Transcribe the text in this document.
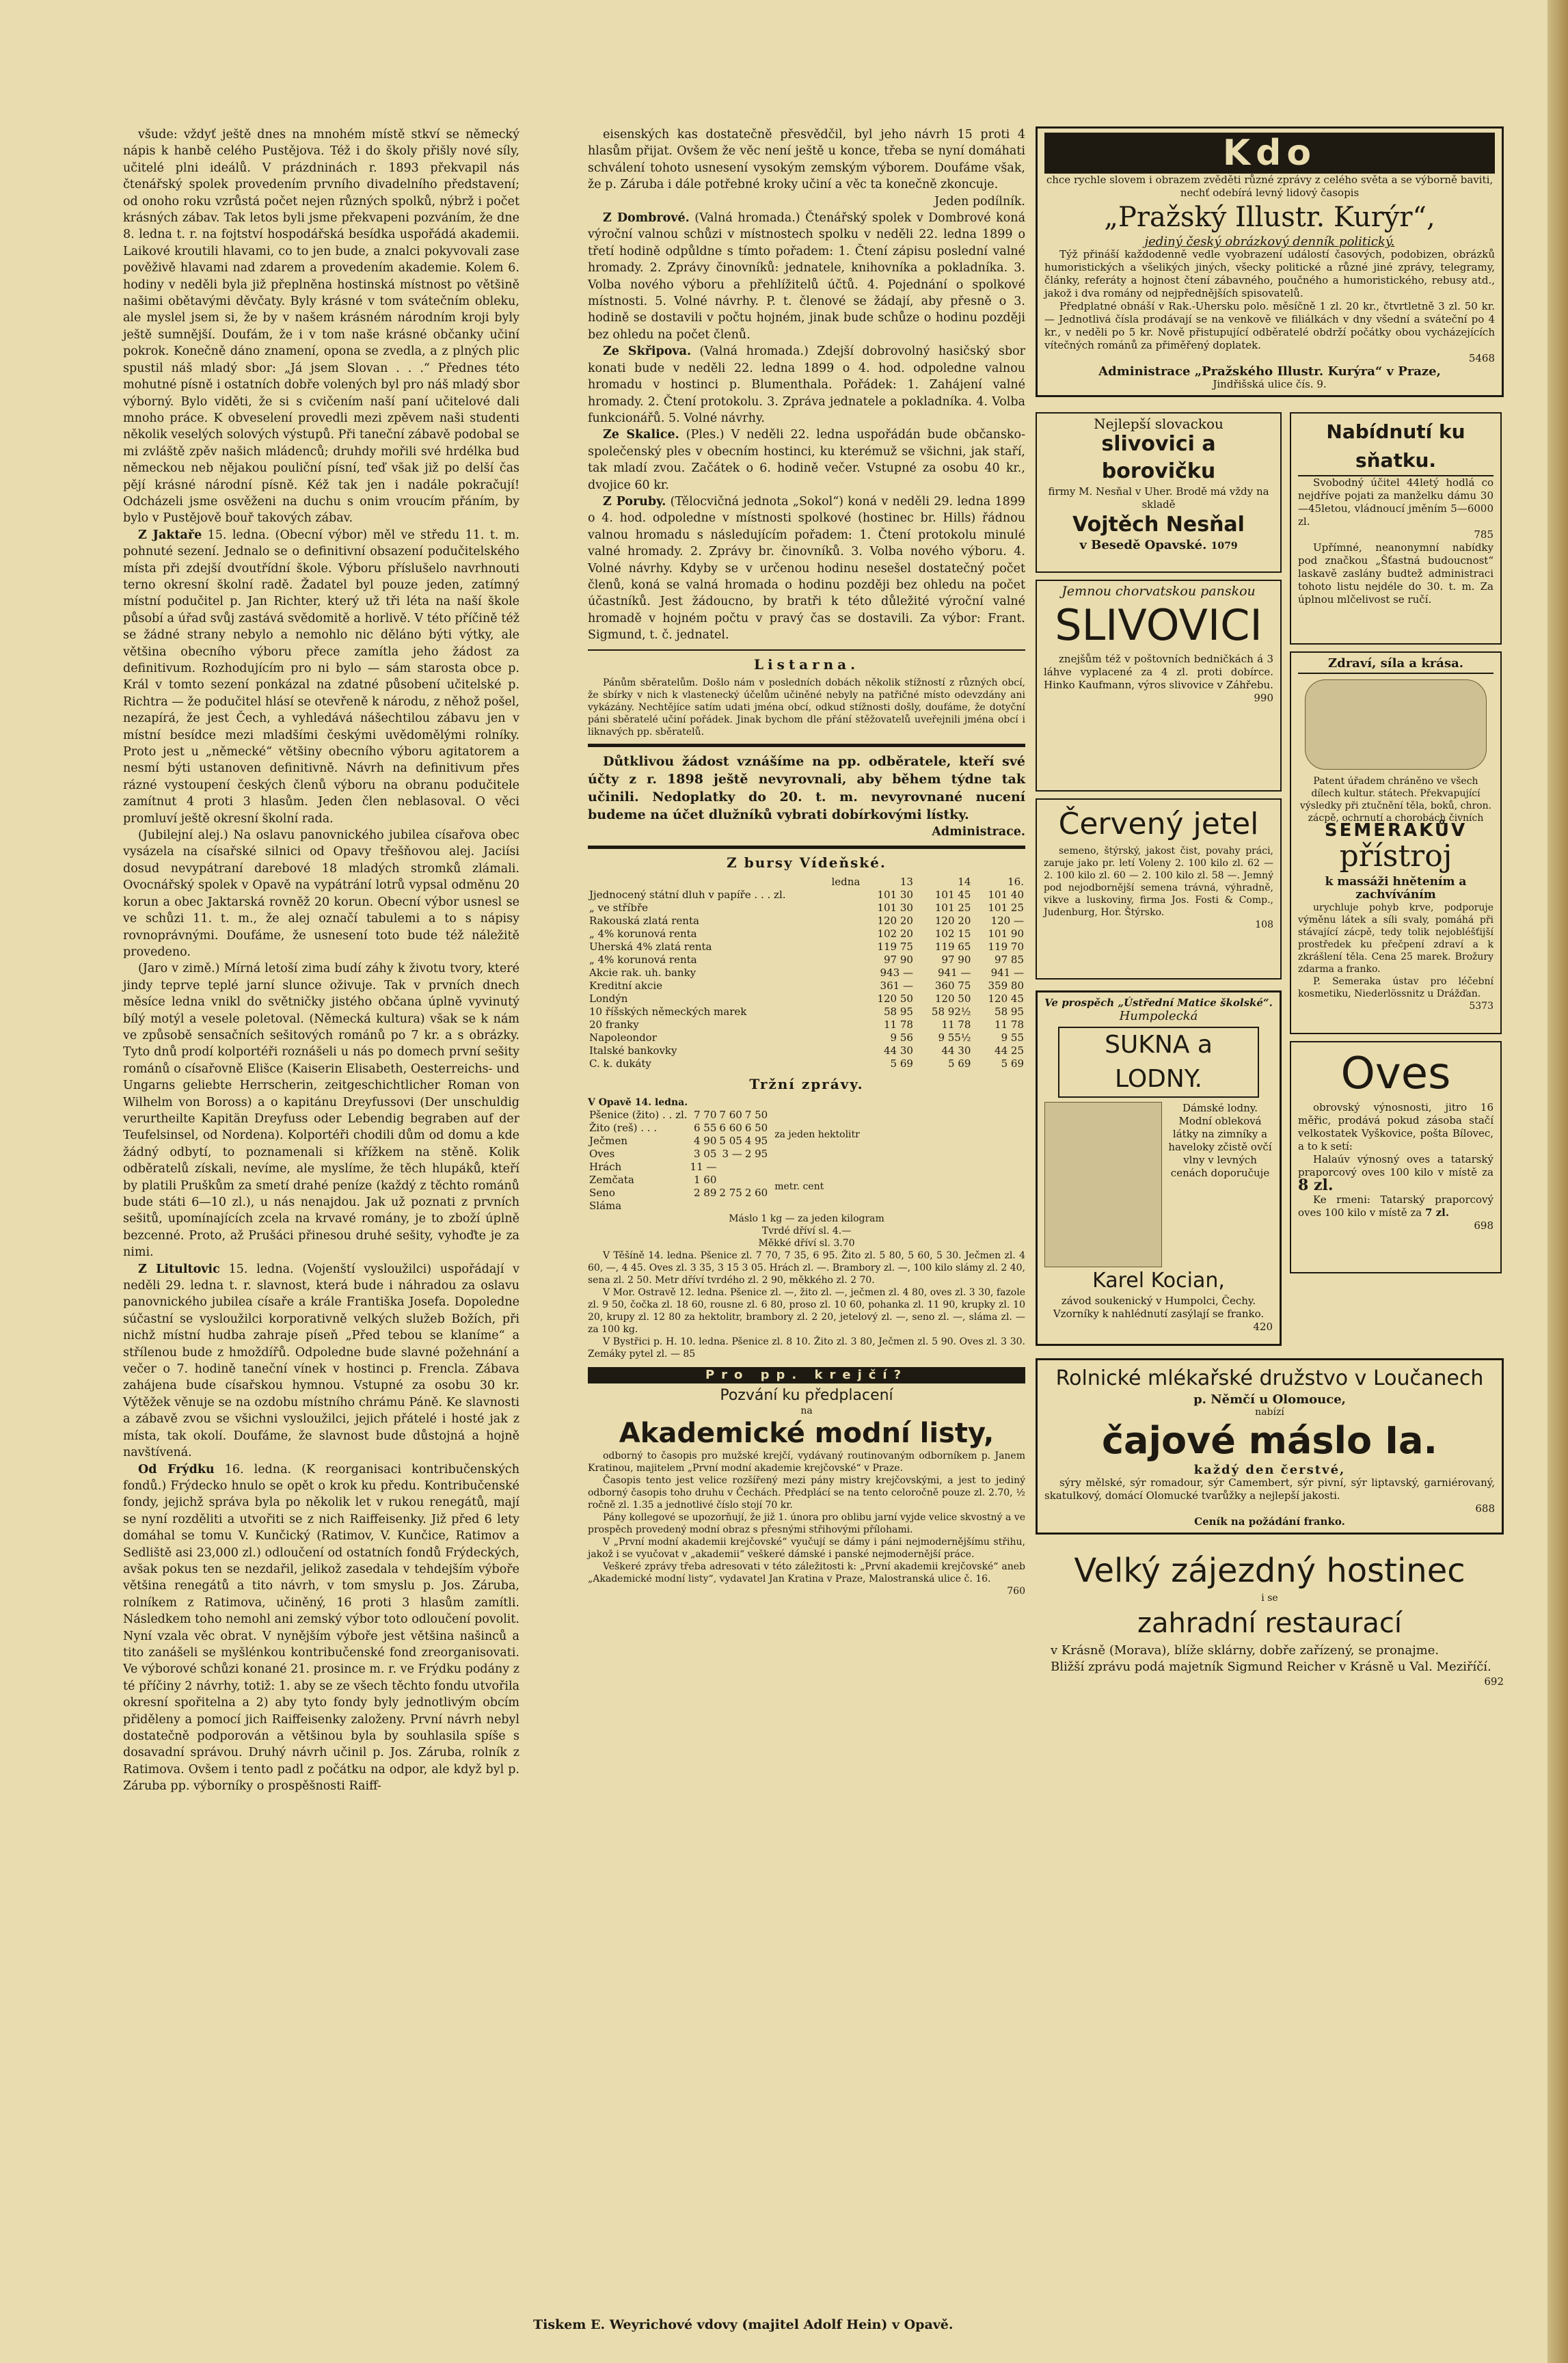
všude: vždyť ještě dnes na mnohém místě stkví se německý nápis k hanbě celého Pustějova. Též i do školy přišly nové síly, učitelé plni ideálů. V prázdninách r. 1893 překvapil nás čtenářský spolek provedením prvního divadelního představení; od onoho roku vzrůstá počet nejen různých spolků, nýbrž i počet krásných zábav. Tak letos byli jsme překvapeni pozváním, že dne 8. ledna t. r. na fojtství hospodářská besídka uspořádá akademii. Laikové kroutili hlavami, co to jen bude, a znalci pokyvovali zase pověživě hlavami nad zdarem a provedením akademie. Kolem 6. hodiny v neděli byla již přeplněna hostinská místnost po většině našimi obětavými děvčaty. Byly krásné v tom svátečním obleku, ale myslel jsem si, že by v našem krásném národním kroji byly ještě sumnější. Doufám, že i v tom naše krásné občanky učiní pokrok. Konečně dáno znamení, opona se zvedla, a z plných plic spustil náš mladý sbor: „Já jsem Slovan . . .“ Přednes této mohutné písně i ostatních dobře volených byl pro náš mladý sbor výborný. Bylo viděti, že si s cvičením naší paní učitelové dali mnoho práce. K obveselení provedli mezi zpěvem naši studenti několik veselých solových výstupů. Při taneční zábavě podobal se mi zvláště zpěv našich mládenců; druhdy mořili své hrdélka bud německou neb nějakou pouliční písní, teď však již po delší čas pějí krásné národní písně. Kéž tak jen i nadále pokračují! Odcházeli jsme osvěženi na duchu s onim vroucím přáním, by bylo v Pustějově bouř takových zábav.

Z Jaktaře 15. ledna. (Obecní výbor) měl ve středu 11. t. m. pohnuté sezení. Jednalo se o definitivní obsazení podučitelského místa při zdejší dvoutřídní škole. Výboru příslušelo navrhnouti terno okresní školní radě. Žadatel byl pouze jeden, zatímný místní podučitel p. Jan Richter, který už tři léta na naší škole působí a úřad svůj zastává svědomitě a horlivě. V této příčině též se žádné strany nebylo a nemohlo nic děláno býti výtky, ale většina obecního výboru přece zamítla jeho žádost za definitivum. Rozhodujícím pro ni bylo — sám starosta obce p. Král v tomto sezení ponkázal na zdatné působení učitelské p. Richtra — že podučitel hlásí se otevřeně k národu, z něhož pošel, nezapírá, že jest Čech, a vyhledává nášechtilou zábavu jen v místní besídce mezi mladšími českými uvědomělými rolníky. Proto jest u „německé“ většiny obecního výboru agitatorem a nesmí býti ustanoven definitivně. Návrh na definitivum přes rázné vystoupení českých členů výboru na obranu podučitele zamítnut 4 proti 3 hlasům. Jeden člen neblasoval. O věci promluví ještě okresní školní rada.

(Jubilejní alej.) Na oslavu panovnického jubilea císařova obec vysázela na císařské silnici od Opavy třešňovou alej. Jaciísi dosud nevypátraní darebové 18 mladých stromků zlámali. Ovocnářský spolek v Opavě na vypátrání lotrů vypsal odměnu 20 korun a obec Jaktarská rovněž 20 korun. Obecní výbor usnesl se ve schůzi 11. t. m., že alej označí tabulemi a to s nápisy rovnoprávnými. Doufáme, že usnesení toto bude též náležitě provedeno.

(Jaro v zimě.) Mírná letoší zima budí záhy k životu tvory, které jindy teprve teplé jarní slunce oživuje. Tak v prvních dnech měsíce ledna vnikl do světničky jistého občana úplně vyvinutý bílý motýl a vesele poletoval. (Německá kultura) však se k nám ve způsobě sensačních sešitových románů po 7 kr. a s obrázky. Tyto dnů prodí kolportéři roznášeli u nás po domech první sešity románů o císařovně Elišce (Kaiserin Elisabeth, Oesterreichs- und Ungarns geliebte Herrscherin, zeitgeschichtlicher Roman von Wilhelm von Boross) a o kapitánu Dreyfussovi (Der unschuldig verurtheilte Kapitän Dreyfuss oder Lebendig begraben auf der Teufelsinsel, od Nordena). Kolportéři chodili dům od domu a kde žádný odbytí, to poznamenali si křížkem na stěně. Kolik odběratelů získali, nevíme, ale myslíme, že těch hlupáků, kteří by platili Pruškům za smetí drahé peníze (každý z těchto románů bude státi 6—10 zl.), u nás nenajdou. Jak už poznati z prvních sešitů, upomínajících zcela na krvavé romány, je to zboží úplně bezcenné. Proto, až Prušáci přinesou druhé sešity, vyhoďte je za nimi.

Z Litultovic 15. ledna. (Vojenští vysloužilci) uspořádají v neděli 29. ledna t. r. slavnost, která bude i náhradou za oslavu panovnického jubilea císaře a krále Františka Josefa. Dopoledne súčastní se vysloužilci korporativně velkých služeb Božích, při nichž místní hudba zahraje píseň „Před tebou se klaníme“ a střílenou bude z hmoždířů. Odpoledne bude slavné požehnání a večer o 7. hodině taneční vínek v hostinci p. Frencla. Zábava zahájena bude císařskou hymnou. Vstupné za osobu 30 kr. Výtěžek věnuje se na ozdobu místního chrámu Páně. Ke slavnosti a zábavě zvou se všichni vysloužilci, jejich přátelé i hosté jak z místa, tak okolí. Doufáme, že slavnost bude důstojná a hojně navštívená.

Od Frýdku 16. ledna. (K reorganisaci kontribučenských fondů.) Frýdecko hnulo se opět o krok ku předu. Kontribučenské fondy, jejichž správa byla po několik let v rukou renegátů, mají se nyní rozděliti a utvořiti se z nich Raiffeisenky. Již před 6 lety domáhal se tomu V. Kunčický (Ratimov, V. Kunčice, Ratimov a Sedliště asi 23,000 zl.) odloučení od ostatních fondů Frýdeckých, avšak pokus ten se nezdařil, jelikož zasedala v tehdejším výboře většina renegátů a tito návrh, v tom smyslu p. Jos. Záruba, rolníkem z Ratimova, učiněný, 16 proti 3 hlasům zamítli. Následkem toho nemohl ani zemský výbor toto odloučení povolit. Nyní vzala věc obrat. V nynějším výboře jest většina našinců a tito zanášeli se myšlénkou kontribučenské fond zreorganisovati. Ve výborové schůzi konané 21. prosince m. r. ve Frýdku podány z té příčiny 2 návrhy, totiž: 1. aby se ze všech těchto fondu utvořila okresní spořitelna a 2) aby tyto fondy byly jednotlivým obcím přiděleny a pomocí jich Raiffeisenky založeny. První návrh nebyl dostatečně podporován a většinou byla by souhlasila spíše s dosavadní správou. Druhý návrh učinil p. Jos. Záruba, rolník z Ratimova. Ovšem i tento padl z počátku na odpor, ale když byl p. Záruba pp. výborníky o prospěšnosti Raiff-

eisenských kas dostatečně přesvědčil, byl jeho návrh 15 proti 4 hlasům přijat. Ovšem že věc není ještě u konce, třeba se nyní domáhati schválení tohoto usnesení vysokým zemským výborem. Doufáme však, že p. Záruba i dále potřebné kroky učiní a věc ta konečně zkoncuje.

Jeden podílník.

Z Dombrové. (Valná hromada.) Čtenářský spolek v Dombrové koná výroční valnou schůzi v místnostech spolku v neděli 22. ledna 1899 o třetí hodině odpůldne s tímto pořadem: 1. Čtení zápisu poslední valné hromady. 2. Zprávy činovníků: jednatele, knihovníka a pokladníka. 3. Volba nového výboru a přehlížitelů účtů. 4. Pojednání o spolkové místnosti. 5. Volné návrhy. P. t. členové se žádají, aby přesně o 3. hodině se dostavili v počtu hojném, jinak bude schůze o hodinu později bez ohledu na počet členů.

Ze Skřipova. (Valná hromada.) Zdejší dobrovolný hasičský sbor konati bude v neděli 22. ledna 1899 o 4. hod. odpoledne valnou hromadu v hostinci p. Blumenthala. Pořádek: 1. Zahájení valné hromady. 2. Čtení protokolu. 3. Zpráva jednatele a pokladníka. 4. Volba funkcionářů. 5. Volné návrhy.

Ze Skalice. (Ples.) V neděli 22. ledna uspořádán bude občansko-společenský ples v obecním hostinci, ku kterémuž se všichni, jak staří, tak mladí zvou. Začátek o 6. hodině večer. Vstupné za osobu 40 kr., dvojice 60 kr.

Z Poruby. (Tělocvičná jednota „Sokol“) koná v neděli 29. ledna 1899 o 4. hod. odpoledne v místnosti spolkové (hostinec br. Hills) řádnou valnou hromadu s následujícím pořadem: 1. Čtení protokolu minulé valné hromady. 2. Zprávy br. činovníků. 3. Volba nového výboru. 4. Volné návrhy. Kdyby se v určenou hodinu nesešel dostatečný počet členů, koná se valná hromada o hodinu později bez ohledu na počet účastníků. Jest žádoucno, by bratři k této důležité výroční valné hromadě v hojném počtu v pravý čas se dostavili. Za výbor: Frant. Sigmund, t. č. jednatel.

Listarna.

Pánům sběratelům. Došlo nám v posledních dobách několik stížností z různých obcí, že sbírky v nich k vlastenecký účelům učiněné nebyly na patřičné místo odevzdány ani vykázány. Nechtějíce satím udati jména obcí, odkud stížnosti došly, doufáme, že dotyční páni sběratelé učiní pořádek. Jinak bychom dle přání stěžovatelů uveřejnili jména obcí i liknavých pp. sběratelů.

Důtklivou žádost vznášíme na pp. odběratele, kteří své účty z r. 1898 ještě nevyrovnali, aby během týdne tak učinili. Nedoplatky do 20. t. m. nevyrovnané nucení budeme na účet dlužníků vybrati dobírkovými lístky.

Administrace.
Z bursy Vídeňské.
ledna	13	14	16.
Jjednocený státní dluh v papíře . . . zl.	101 30	101 45	101 40
„ ve stříbře	101 30	101 25	101 25
Rakouská zlatá renta	120 20	120 20	120 —
„ 4% korunová renta	102 20	102 15	101 90
Uherská 4% zlatá renta	119 75	119 65	119 70
„ 4% korunová renta	97 90	97 90	97 85
Akcie rak. uh. banky	943 —	941 —	941 —
Kreditní akcie	361 —	360 75	359 80
Londýn	120 50	120 50	120 45
10 říšských německých marek	58 95	58 92½	58 95
20 franky	11 78	11 78	11 78
Napoleondor	9 56	9 55½	9 55
Italské bankovky	44 30	44 30	44 25
C. k. dukáty	5 69	5 69	5 69
Tržní zprávy.
V Opavě 14. ledna.
Pšenice (žito) . . zl.	7 70	7 60	7 50
Žito (reš) . . .	6 55	6 60	6 50
Ječmen	4 90	5 05	4 95
Oves	3 05	3 —	2 95
Hrách	11 —		
Zemčata	1 60		
Seno	2 89	2 75	2 60
Sláma			
za jeden hektolitr
metr. cent
Máslo 1 kg — za jeden kilogram
Tvrdé dříví sl. 4.—
Měkké dříví sl. 3.70

V Těšíně 14. ledna. Pšenice zl. 7 70, 7 35, 6 95. Žito zl. 5 80, 5 60, 5 30. Ječmen zl. 4 60, —, 4 45. Oves zl. 3 35, 3 15 3 05. Hrách zl. —. Brambory zl. —, 100 kilo slámy zl. 2 40, sena zl. 2 50. Metr dříví tvrdého zl. 2 90, měkkého zl. 2 70.

V Mor. Ostravě 12. ledna. Pšenice zl. —, žito zl. —, ječmen zl. 4 80, oves zl. 3 30, fazole zl. 9 50, čočka zl. 18 60, rousne zl. 6 80, proso zl. 10 60, pohanka zl. 11 90, krupky zl. 10 20, krupy zl. 12 80 za hektolitr, brambory zl. 2 20, jetelový zl. —, seno zl. —, sláma zl. — za 100 kg.

V Bystřici p. H. 10. ledna. Pšenice zl. 8 10. Žito zl. 3 80, Ječmen zl. 5 90. Oves zl. 3 30. Zemáky pytel zl. — 85

Pro pp. krejčí?
Pozvání ku předplacení
na
Akademické modní listy,

odborný to časopis pro mužské krejčí, vydávaný routinovaným odborníkem p. Janem Kratinou, majitelem „První modní akademie krejčovské“ v Praze.

Časopis tento jest velice rozšířený mezi pány mistry krejčovskými, a jest to jediný odborný časopis toho druhu v Čechách. Předplácí se na tento celoročně pouze zl. 2.70, ½ ročně zl. 1.35 a jednotlivé číslo stojí 70 kr.

Pány kollegové se upozorňují, že již 1. února pro oblibu jarní vyjde velice skvostný a ve prospěch provedený modní obraz s přesnými střihovými přílohami.

V „První modní akademii krejčovské“ vyučují se dámy i páni nejmodernějšímu střihu, jakož i se vyučovat v „akademii“ veškeré dámské i panské nejmodernější práce.

Veškeré zprávy třeba adresovati v této záležitosti k: „První akademii krejčovské“ aneb „Akademické modní listy“, vydavatel Jan Kratina v Praze, Malostranská ulice č. 16.

760
Kdo
chce rychle slovem i obrazem zvěděti různé zprávy z celého světa a se výborně baviti, nechť odebírá levný lidový časopis
„Pražský Illustr. Kurýr“,
jediný český obrázkový denník politický.

Týž přináší každodenně vedle vyobrazení událostí časových, podobizen, obrázků humoristických a všelikých jiných, všecky politické a různé jiné zprávy, telegramy, články, referáty a hojnost čtení zábavného, poučného a humoristického, rebusy atd., jakož i dva romány od nejpřednějších spisovatelů.

Předplatné obnáší v Rak.-Uhersku polo. měsíčně 1 zl. 20 kr., čtvrtletně 3 zl. 50 kr. — Jednotlivá čísla prodávají se na venkově ve filiálkách v dny všední a sváteční po 4 kr., v neděli po 5 kr. Nově přistupující odběratelé obdrží počátky obou vycházejících vítečných románů za přiměřený doplatek.

5468
Administrace „Pražského Illustr. Kurýra“ v Praze,
Jindřišská ulice čís. 9.
Nejlepší slovackou
slivovici a borovičku
firmy M. Nesňal v Uher. Brodě má vždy na skladě
Vojtěch Nesňal
v Besedě Opavské. 1079
Jemnou chorvatskou panskou
SLIVOVICI

znejšům též v poštovních bedničkách á 3 láhve vyplacené za 4 zl. proti dobírce. Hinko Kaufmann, výros slivovice v Záhřebu.

990
Červený jetel

semeno, štýrský, jakost čist, povahy práci, zaruje jako pr. letí Voleny 2. 100 kilo zl. 62 — 2. 100 kilo zl. 60 — 2. 100 kilo zl. 58 —. Jemný pod nejodbornější semena trávná, výhradně, vikve a luskoviny, firma Jos. Fosti & Comp., Judenburg, Hor. Štýrsko.

108
Ve prospěch „Ústřední Matice školské“.
Humpolecká
SUKNA a LODNY.

Dámské lodny. Modní obleková látky na zimníky a haveloky zčistě ovčí vlny v levných cenách doporučuje

Karel Kocian,

závod soukenický v Humpolci, Čechy. Vzorníky k nahlédnutí zasýlají se franko.

420
Nabídnutí ku sňatku.

Svobodný účitel 44letý hodlá co nejdříve pojati za manželku dámu 30—45letou, vládnoucí jměním 5—6000 zl.

785

Upřímné, neanonymní nabídky pod značkou „Šťastná budoucnost“ laskavě zaslány budtež administraci tohoto listu nejdéle do 30. t. m. Za úplnou mlčelivost se ručí.

Zdraví, síla a krása.

Patent úřadem chráněno ve všech dílech kultur. státech. Překvapující výsledky při ztučnění těla, boků, chron. zácpě, ochrnutí a chorobách čivních

SEMERAKŮV
přístroj
k massáži hnětením a zachvíváním

urychluje pohyb krve, podporuje výměnu látek a síli svaly, pomáhá při stávající zácpě, tedy tolik nejobléšťijší prostředek ku přečpení zdraví a k zkrášlení těla. Cena 25 marek. Brožury zdarma a franko.

P. Semeraka ústav pro léčební kosmetiku, Niederlössnitz u Drážďan.

5373
Oves

obrovský výnosnosti, jitro 16 měřic, prodává pokud zásoba stačí velkostatek Vyškovice, pošta Bílovec, a to k setí:

Halaúv výnosný oves a tatarský praporcový oves 100 kilo v místě za 8 zl.

Ke rmeni: Tatarský praporcový oves 100 kilo v místě za 7 zl.

698
Rolnické mlékařské družstvo v Loučanech
p. Němčí u Olomouce,
nabízí
čajové máslo Ia.
každý den čerstvé,

sýry mělské, sýr romadour, sýr Camembert, sýr pivní, sýr liptavský, garniérovaný, skatulkový, domácí Olomucké tvarůžky a nejlepší jakosti.

688
Ceník na požádání franko.
Velký zájezdný hostinec
i se
zahradní restaurací

v Krásně (Morava), blíže sklárny, dobře zařízený, se pronajme.

Bližší zprávu podá majetník Sigmund Reicher v Krásně u Val. Meziříčí.

692
Tiskem E. Weyrichové vdovy (majitel Adolf Hein) v Opavě.
